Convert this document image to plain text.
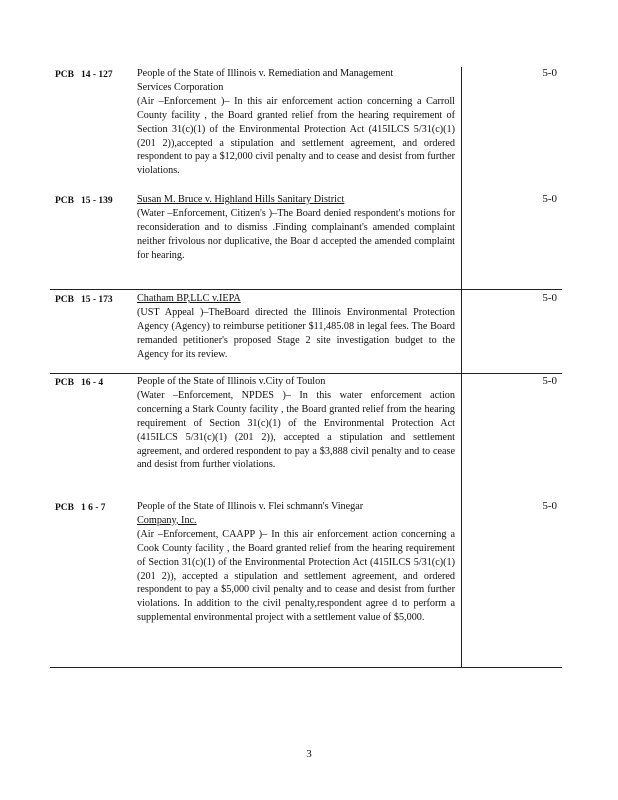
PCB 14 - 127	People of the State of Illinois v. Remediation and Management
Services Corporation
(Air –Enforcement )– In this air enforcement action concerning a Carroll County facility , the Board granted relief from the hearing requirement of Section 31(c)(1) of the Environmental Protection Act (415ILCS 5/31(c)(1) (201 2)),accepted a stipulation and settlement agreement, and ordered respondent to pay a $12,000 civil penalty and to cease and desist from further violations.
5-0
PCB 15 - 139	Susan M. Bruce v. Highland Hills Sanitary District
(Water –Enforcement, Citizen's )–The Board denied respondent's motions for reconsideration and to dismiss .Finding complainant's amended complaint neither frivolous nor duplicative, the Boar d accepted the amended complaint for hearing.
5-0
PCB 15 - 173	Chatham BP,LLC v.IEPA
(UST Appeal )–TheBoard directed the Illinois Environmental Protection Agency (Agency) to reimburse petitioner $11,485.08 in legal fees. The Board remanded petitioner's proposed Stage 2 site investigation budget to the Agency for its review.
5-0
PCB 16 - 4	People of the State of Illinois v.City of Toulon
(Water –Enforcement, NPDES )– In this water enforcement action concerning a Stark County facility , the Board granted relief from the hearing requirement of Section 31(c)(1) of the Environmental Protection Act (415ILCS 5/31(c)(1) (201 2)), accepted a stipulation and settlement agreement, and ordered respondent to pay a $3,888 civil penalty and to cease and desist from further violations.
5-0
PCB 1 6 - 7	People of the State of Illinois v. Flei schmann's Vinegar
Company, Inc.
(Air –Enforcement, CAAPP )– In this air enforcement action concerning a Cook County facility , the Board granted relief from the hearing requirement of Section 31(c)(1) of the Environmental Protection Act (415ILCS 5/31(c)(1) (201 2)), accepted a stipulation and settlement agreement, and ordered respondent to pay a $5,000 civil penalty and to cease and desist from further violations. In addition to the civil penalty,respondent agree d to perform a supplemental environmental project with a settlement value of $5,000.
5-0
3
